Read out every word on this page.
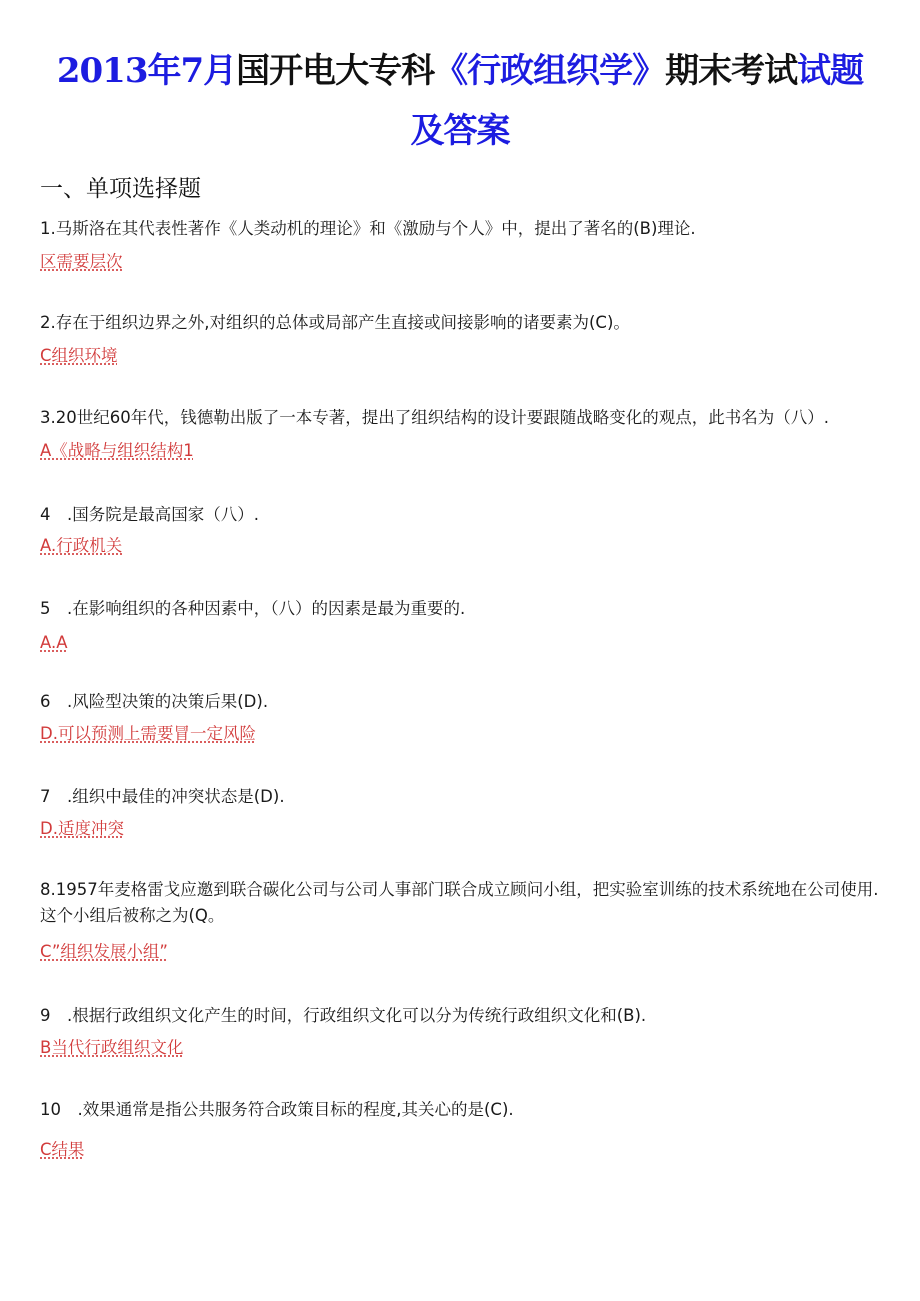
2013年7月国开电大专科《行政组织学》期末考试试题
及答案
一、单项选择题

1.马斯洛在其代表性著作《人类动机的理论》和《激励与个人》中，提出了著名的(B)理论.

区需要层次

2.存在于组织边界之外,对组织的总体或局部产生直接或间接影响的诸要素为(C)。

C组织环境

3.20世纪60年代，钱德勒出版了一本专著，提出了组织结构的设计要跟随战略变化的观点，此书名为（八）.

A《战略与组织结构1

4　.国务院是最高国家（八）.

A.行政机关

5　.在影响组织的各种因素中，（八）的因素是最为重要的.

A.A

6　.风险型决策的决策后果(D).

D.可以预测上需要冒一定风险

7　.组织中最佳的冲突状态是(D).

D.适度冲突

8.1957年麦格雷戈应邀到联合碳化公司与公司人事部门联合成立顾问小组，把实验室训练的技术系统地在公司使用.这个小组后被称之为(Q。

C”组织发展小组”

9　.根据行政组织文化产生的时间，行政组织文化可以分为传统行政组织文化和(B).

B当代行政组织文化

10　.效果通常是指公共服务符合政策目标的程度,其关心的是(C).

C结果
